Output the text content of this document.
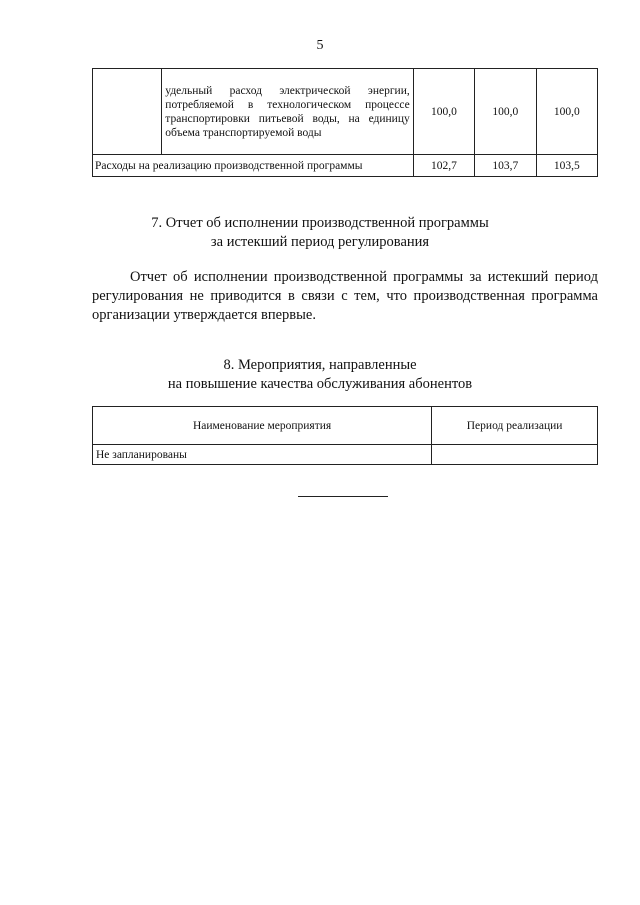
5
	удельный расход электрической энергии, потребляемой в технологическом процессе транспортировки питьевой воды, на единицу объема транспортируемой воды	100,0	100,0	100,0
Расходы на реализацию производственной программы		102,7	103,7	103,5
7. Отчет об исполнении производственной программы
за истекший период регулирования
Отчет об исполнении производственной программы за истекший период регулирования не приводится в связи с тем, что производственная программа организации утверждается впервые.
8. Мероприятия, направленные
на повышение качества обслуживания абонентов
Наименование мероприятия	Период реализации
Не запланированы	
